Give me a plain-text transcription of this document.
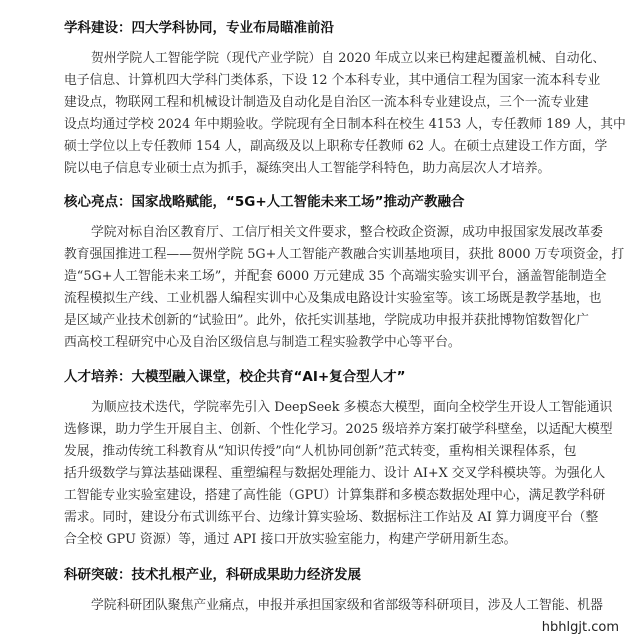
学科建设：四大学科协同，专业布局瞄准前沿
贺州学院人工智能学院（现代产业学院）自 2020 年成立以来已构建起覆盖机械、自动化、
电子信息、计算机四大学科门类体系，下设 12 个本科专业，其中通信工程为国家一流本科专业
建设点，物联网工程和机械设计制造及自动化是自治区一流本科专业建设点，三个一流专业建
设点均通过学校 2024 年中期验收。学院现有全日制本科在校生 4153 人，专任教师 189 人，其中
硕士学位以上专任教师 154 人，副高级及以上职称专任教师 62 人。在硕士点建设工作方面，学
院以电子信息专业硕士点为抓手，凝练突出人工智能学科特色，助力高层次人才培养。
核心亮点：国家战略赋能，“5G+人工智能未来工场”推动产教融合
学院对标自治区教育厅、工信厅相关文件要求，整合校政企资源，成功申报国家发展改革委
教育强国推进工程——贺州学院 5G+人工智能产教融合实训基地项目，获批 8000 万专项资金，打
造“5G+人工智能未来工场”，并配套 6000 万元建成 35 个高端实验实训平台，涵盖智能制造全
流程模拟生产线、工业机器人编程实训中心及集成电路设计实验室等。该工场既是教学基地，也
是区域产业技术创新的“试验田”。此外，依托实训基地，学院成功申报并获批博物馆数智化广
西高校工程研究中心及自治区级信息与制造工程实验教学中心等平台。
人才培养：大模型融入课堂，校企共育“AI+复合型人才”
为顺应技术迭代，学院率先引入 DeepSeek 多模态大模型，面向全校学生开设人工智能通识
选修课，助力学生开展自主、创新、个性化学习。2025 级培养方案打破学科壁垒，以适配大模型
发展，推动传统工科教育从“知识传授”向“人机协同创新”范式转变，重构相关课程体系，包
括升级数学与算法基础课程、重塑编程与数据处理能力、设计 AI+X 交叉学科模块等。为强化人
工智能专业实验室建设，搭建了高性能（GPU）计算集群和多模态数据处理中心，满足教学科研
需求。同时，建设分布式训练平台、边缘计算实验场、数据标注工作站及 AI 算力调度平台（整
合全校 GPU 资源）等，通过 API 接口开放实验室能力，构建产学研用新生态。
科研突破：技术扎根产业，科研成果助力经济发展
学院科研团队聚焦产业痛点，申报并承担国家级和省部级等科研项目，涉及人工智能、机器
hbhlgjt.com
